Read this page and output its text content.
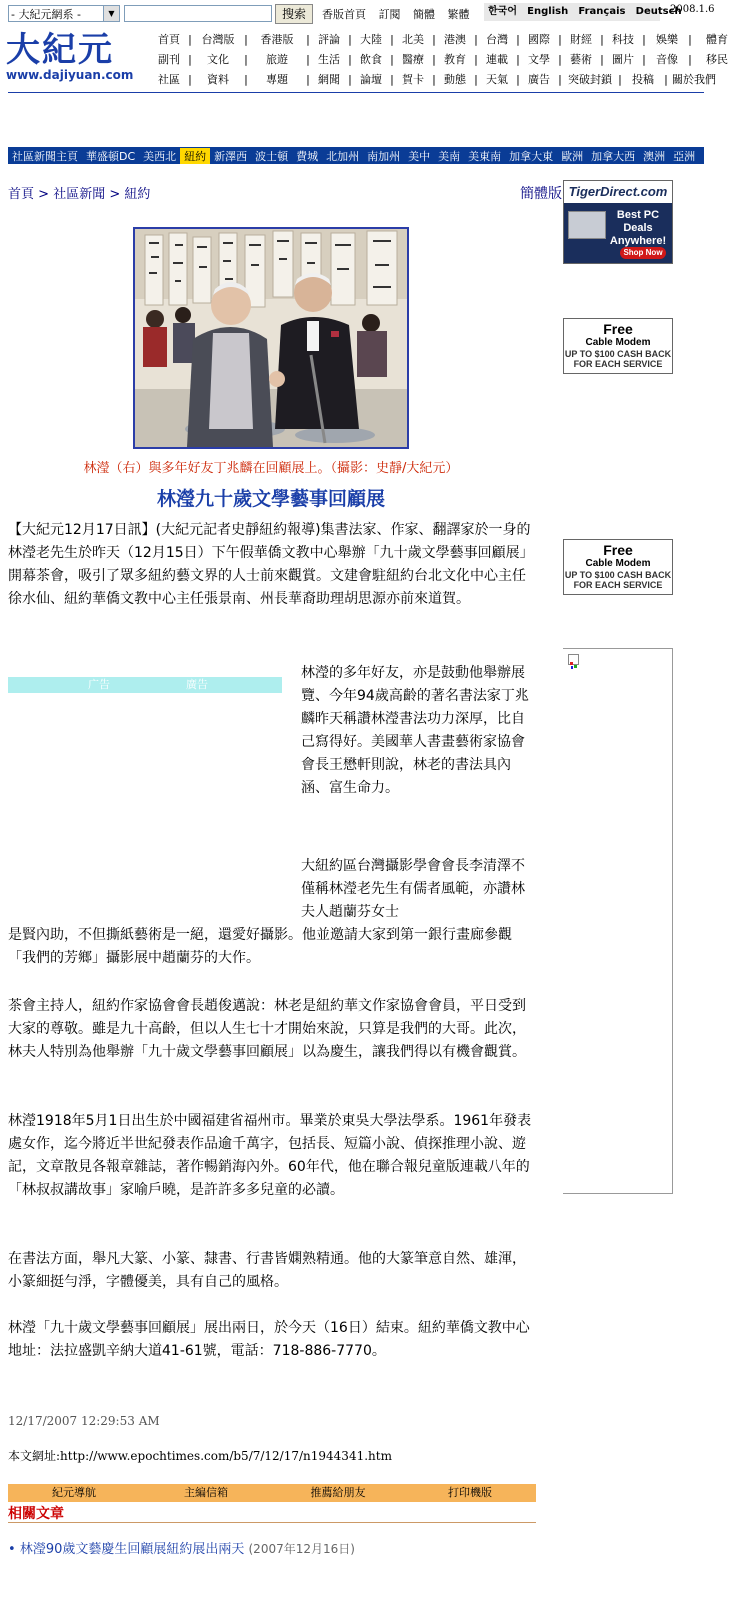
- 大紀元網系 -	▼	搜索	香版首頁 訂閱 簡體 繁體	한국어 English Français Deutsch
2008.1.6
大紀元
www.dajiyuan.com
首頁 | 台灣版 |	香港版	| 評論 | 大陸 | 北美 | 港澳 | 台灣 | 國際 | 財經 | 科技 | 娛樂 |	體育
副刊 |	文化	|	旅遊	| 生活 | 飲食 | 醫療 | 教育 | 連載 | 文學 | 藝術 | 圖片 | 音像 |	移民
社區 |	資料	|	專題	| 網聞 | 論壇 | 賀卡 | 動態 | 天氣 | 廣告 | 突破封鎖 | 投稿 | 關於我們
社區新聞主頁 華盛頓DC 美西北 紐約 新澤西 波士頓 費城 北加州 南加州 美中 美南 美東南 加拿大東 歐洲 加拿大西 澳洲 亞洲
首頁 > 社區新聞 > 紐約	簡體版
林瀅（右）與多年好友丁兆麟在回顧展上。（攝影：史靜/大紀元）
林瀅九十歲文學藝事回顧展
【大紀元12月17日訊】(大紀元記者史靜紐約報導)集書法家、作家、翻譯家於一身的林瀅老先生於昨天（12月15日）下午假華僑文教中心舉辦「九十歲文學藝事回顧展」開幕茶會，吸引了眾多紐約藝文界的人士前來觀賞。文建會駐紐約台北文化中心主任徐水仙、紐約華僑文教中心主任張景南、州長華裔助理胡思源亦前來道賀。
广告	廣告
林瀅的多年好友，亦是鼓動他舉辦展覽、今年94歲高齡的著名書法家丁兆麟昨天稱讚林瀅書法功力深厚，比自己寫得好。美國華人書畫藝術家協會會長王懋軒則說，林老的書法具內涵、富生命力。
大紐約區台灣攝影學會會長李清澤不僅稱林瀅老先生有儒者風範，亦讚林夫人趙蘭芬女士
是賢內助，不但撕紙藝術是一絕，還愛好攝影。他並邀請大家到第一銀行畫廊參觀「我們的芳鄉」攝影展中趙蘭芬的大作。
茶會主持人，紐約作家協會會長趙俊邁說：林老是紐約華文作家協會會員，平日受到大家的尊敬。雖是九十高齡，但以人生七十才開始來說，只算是我們的大哥。此次，林夫人特別為他舉辦「九十歲文學藝事回顧展」以為慶生，讓我們得以有機會觀賞。
林瀅1918年5月1日出生於中國福建省福州市。畢業於東吳大學法學系。1961年發表處女作，迄今將近半世紀發表作品逾千萬字，包括長、短篇小說、偵探推理小說、遊記，文章散見各報章雜誌，著作暢銷海內外。60年代，他在聯合報兒童版連載八年的「林叔叔講故事」家喻戶曉，是許許多多兒童的必讀。
在書法方面，舉凡大篆、小篆、隸書、行書皆嫻熟精通。他的大篆筆意自然、雄渾，小篆細挺勻淨，字體優美，具有自己的風格。
林瀅「九十歲文學藝事回顧展」展出兩日，於今天（16日）結束。紐約華僑文教中心地址：法拉盛凱辛納大道41-61號，電話：718-886-7770。
TigerDirect.com
Best PC Deals
Anywhere!
Shop Now
Free
Cable Modem
UP TO $100 CASH BACK
FOR EACH SERVICE
Free
Cable Modem
UP TO $100 CASH BACK
FOR EACH SERVICE
12/17/2007 12:29:53 AM
本文網址:http://www.epochtimes.com/b5/7/12/17/n1944341.htm
紀元導航	主編信箱	推薦給朋友	打印機版
相關文章
• 林瀅90歲文藝慶生回顧展紐約展出兩天 (2007年12月16日)
